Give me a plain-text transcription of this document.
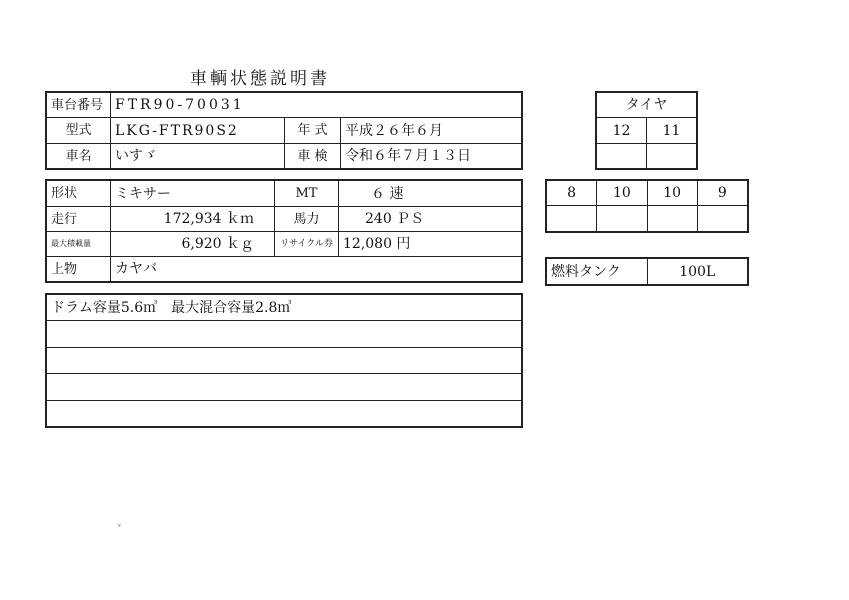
車輌状態説明書
車台番号	FTR90-70031		
型式	LKG-FTR90S2	年 式	平成２６年６月
車名	いすゞ	車 検	令和６年７月１３日
形状	ミキサー	MT	６ 速
走行	172,934 ｋｍ	馬力	240 ＰＳ
最大積載量	6,920 ｋｇ	リサイクル券	12,080 円
上物	カヤバ		
ドラム容量5.6㎥　最大混合容量2.8㎥

タイヤ	
12	11

8	10	10	9

燃料タンク	100L
ᵛ
